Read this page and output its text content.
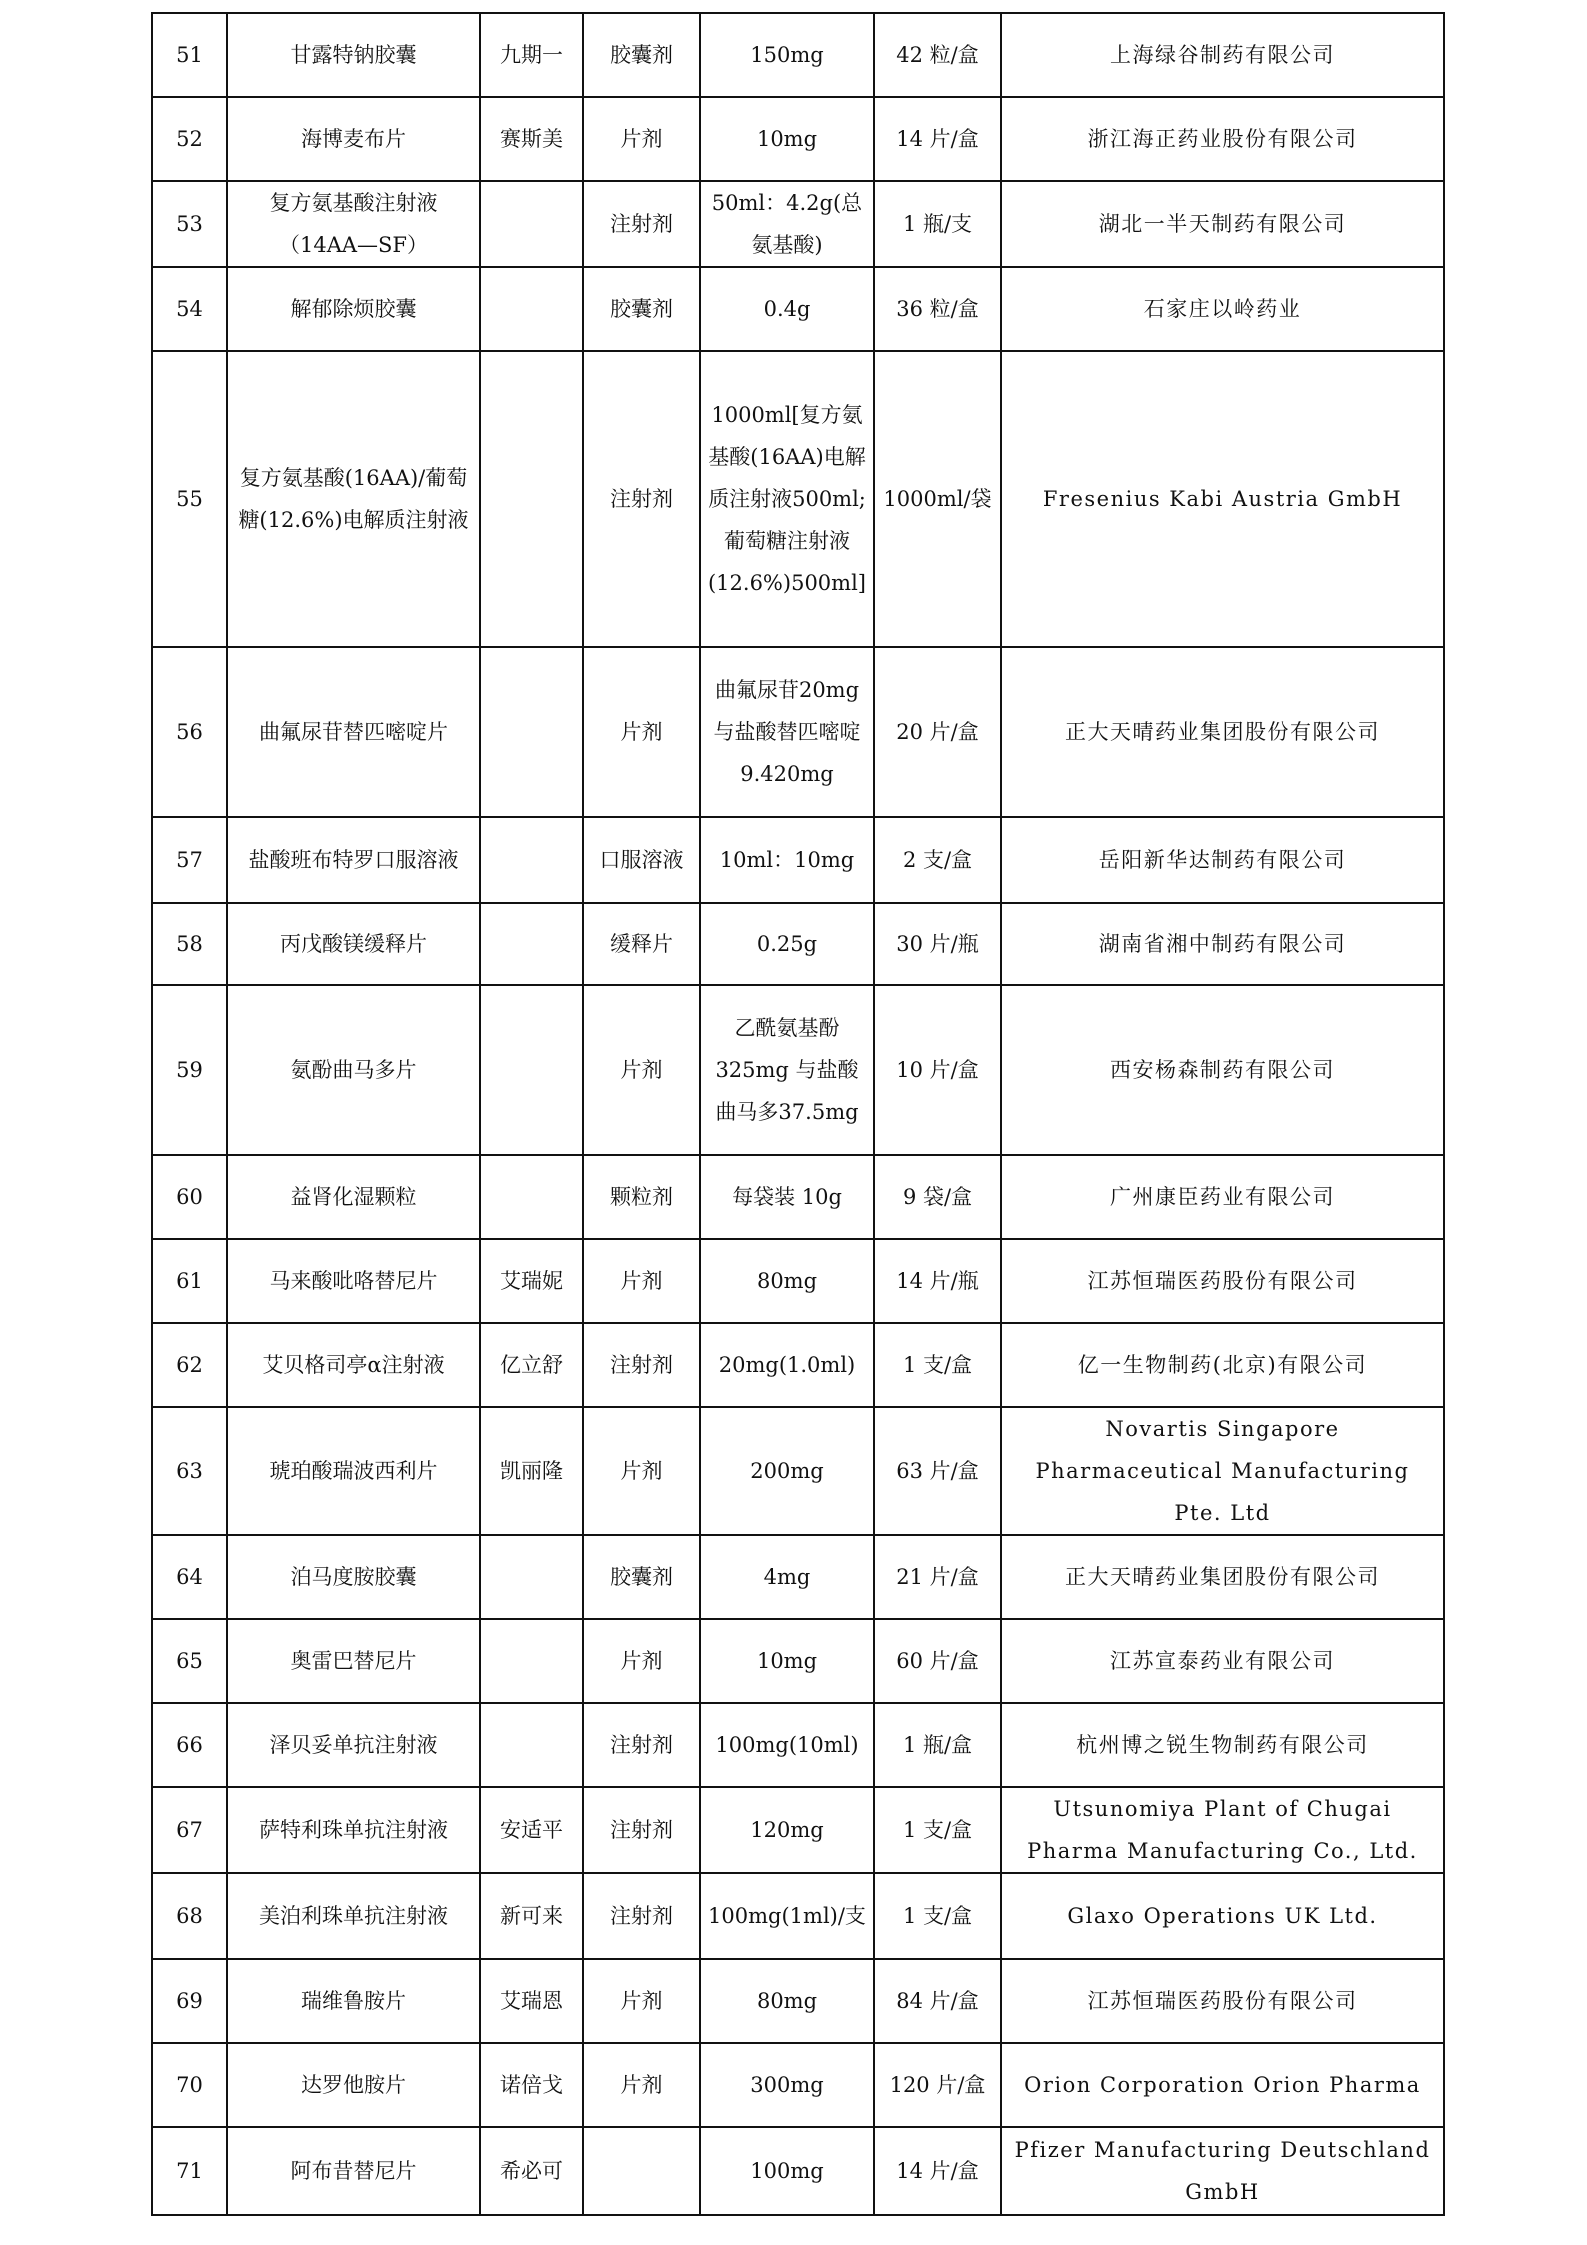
51	甘露特钠胶囊	九期一	胶囊剂	150mg	42 粒/盒	上海绿谷制药有限公司
52	海博麦布片	赛斯美	片剂	10mg	14 片/盒	浙江海正药业股份有限公司
53	复方氨基酸注射液（14AA—SF）		注射剂	50ml：4.2g(总氨基酸)	1 瓶/支	湖北一半天制药有限公司
54	解郁除烦胶囊		胶囊剂	0.4g	36 粒/盒	石家庄以岭药业
55	复方氨基酸(16AA)/葡萄糖(12.6%)电解质注射液		注射剂	1000ml[复方氨基酸(16AA)电解质注射液500ml;葡萄糖注射液(12.6%)500ml]	1000ml/袋	Fresenius Kabi Austria GmbH
56	曲氟尿苷替匹嘧啶片		片剂	曲氟尿苷20mg 与盐酸替匹嘧啶9.420mg	20 片/盒	正大天晴药业集团股份有限公司
57	盐酸班布特罗口服溶液		口服溶液	10ml：10mg	2 支/盒	岳阳新华达制药有限公司
58	丙戊酸镁缓释片		缓释片	0.25g	30 片/瓶	湖南省湘中制药有限公司
59	氨酚曲马多片		片剂	乙酰氨基酚325mg 与盐酸曲马多37.5mg	10 片/盒	西安杨森制药有限公司
60	益肾化湿颗粒		颗粒剂	每袋装 10g	9 袋/盒	广州康臣药业有限公司
61	马来酸吡咯替尼片	艾瑞妮	片剂	80mg	14 片/瓶	江苏恒瑞医药股份有限公司
62	艾贝格司亭α注射液	亿立舒	注射剂	20mg(1.0ml)	1 支/盒	亿一生物制药(北京)有限公司
63	琥珀酸瑞波西利片	凯丽隆	片剂	200mg	63 片/盒	Novartis Singapore Pharmaceutical Manufacturing Pte. Ltd
64	泊马度胺胶囊		胶囊剂	4mg	21 片/盒	正大天晴药业集团股份有限公司
65	奥雷巴替尼片		片剂	10mg	60 片/盒	江苏宣泰药业有限公司
66	泽贝妥单抗注射液		注射剂	100mg(10ml)	1 瓶/盒	杭州博之锐生物制药有限公司
67	萨特利珠单抗注射液	安适平	注射剂	120mg	1 支/盒	Utsunomiya Plant of Chugai Pharma Manufacturing Co., Ltd.
68	美泊利珠单抗注射液	新可来	注射剂	100mg(1ml)/支	1 支/盒	Glaxo Operations UK Ltd.
69	瑞维鲁胺片	艾瑞恩	片剂	80mg	84 片/盒	江苏恒瑞医药股份有限公司
70	达罗他胺片	诺倍戈	片剂	300mg	120 片/盒	Orion Corporation Orion Pharma
71	阿布昔替尼片	希必可		100mg	14 片/盒	Pfizer Manufacturing Deutschland GmbH
